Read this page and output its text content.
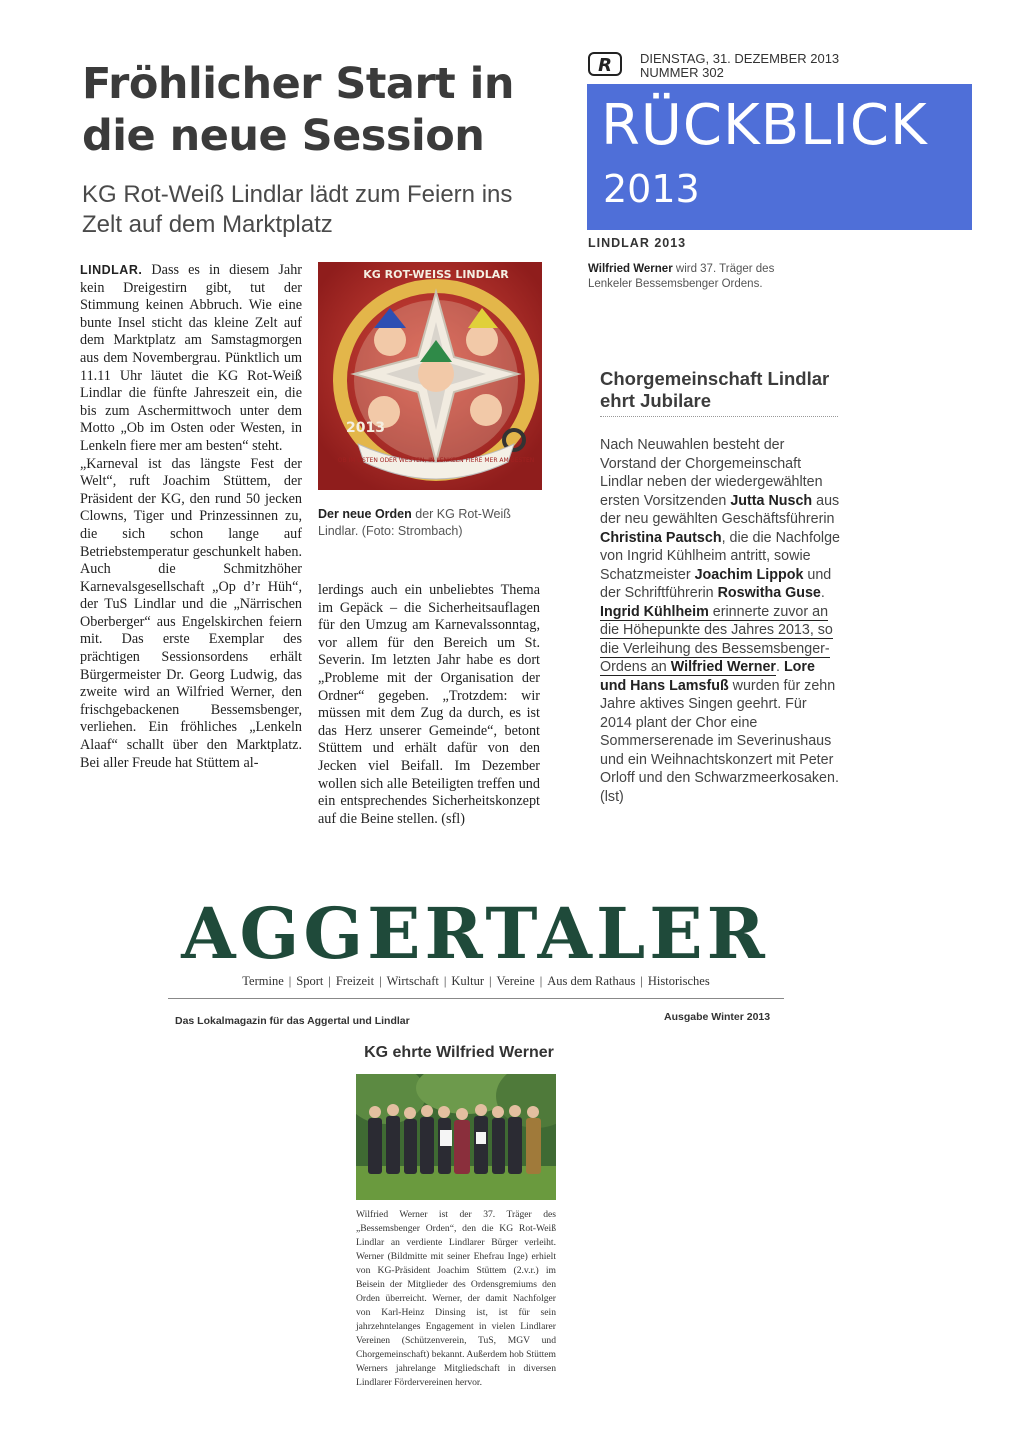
Fröhlicher Start in die neue Session

KG Rot-Weiß Lindlar lädt zum Feiern ins Zelt auf dem Marktplatz

LINDLAR. Dass es in diesem Jahr kein Dreigestirn gibt, tut der Stimmung keinen Abbruch. Wie eine bunte Insel sticht das kleine Zelt auf dem Marktplatz am Samstagmorgen aus dem Novembergrau. Pünktlich um 11.11 Uhr läutet die KG Rot-Weiß Lindlar die fünfte Jahreszeit ein, die bis zum Aschermittwoch unter dem Motto „Ob im Osten oder Westen, in Lenkeln fiere mer am besten“ steht.

„Karneval ist das längste Fest der Welt“, ruft Joachim Stüttem, der Präsident der KG, den rund 50 jecken Clowns, Tiger und Prinzessinnen zu, die sich schon lange auf Betriebstemperatur geschunkelt haben. Auch die Schmitzhöher Karnevalsgesellschaft „Op d’r Hüh“, der TuS Lindlar und die „Närrischen Oberberger“ aus Engelskirchen feiern mit. Das erste Exemplar des prächtigen Sessionsordens erhält Bürgermeister Dr. Georg Ludwig, das zweite wird an Wilfried Werner, den frischgebackenen Bessemsbenger, verliehen. Ein fröhliches „Lenkeln Alaaf“ schallt über den Marktplatz. Bei aller Freude hat Stüttem al-

KG ROT-WEISS LINDLAR
OB IM OSTEN ODER WESTEN, IN LENKELN FIERE MER AM BESTEN
2013

Der neue Orden der KG Rot-Weiß Lindlar. (Foto: Strombach)

lerdings auch ein unbeliebtes Thema im Gepäck – die Sicherheitsauflagen für den Umzug am Karnevalssonntag, vor allem für den Bereich um St. Severin. Im letzten Jahr habe es dort „Probleme mit der Organisation der Ordner“ gegeben. „Trotzdem: wir müssen mit dem Zug da durch, es ist das Herz unserer Gemeinde“, betont Stüttem und erhält dafür von den Jecken viel Beifall. Im Dezember wollen sich alle Beteiligten treffen und ein entsprechendes Sicherheitskonzept auf die Beine stellen. (sfl)

R	DIENSTAG, 31. DEZEMBER 2013
NUMMER 302
RÜCKBLICK
2013
LINDLAR 2013

Wilfried Werner wird 37. Träger des Lenkeler Bessemsbenger Ordens.

Chorgemeinschaft Lindlar ehrt Jubilare

Nach Neuwahlen besteht der Vorstand der Chorgemeinschaft Lindlar neben der wiedergewählten ersten Vorsitzenden Jutta Nusch aus der neu gewählten Geschäftsführerin Christina Pautsch, die die Nachfolge von Ingrid Kühlheim antritt, sowie Schatzmeister Joachim Lippok und der Schriftführerin Roswitha Guse. Ingrid Kühlheim erinnerte zuvor an die Höhepunkte des Jahres 2013, so die Verleihung des Bessemsbenger-Ordens an Wilfried Werner. Lore und Hans Lamsfuß wurden für zehn Jahre aktives Singen geehrt. Für 2014 plant der Chor eine Sommerserenade im Severinushaus und ein Weihnachtskonzert mit Peter Orloff und den Schwarzmeerkosaken. (lst)

AGGERTALER
Termine | Sport | Freizeit | Wirtschaft | Kultur | Vereine | Aus dem Rathaus | Historisches
Das Lokalmagazin für das Aggertal und Lindlar	Ausgabe Winter 2013
KG ehrte Wilfried Werner

Wilfried Werner ist der 37. Träger des „Bessemsbenger Orden“, den die KG Rot-Weiß Lindlar an verdiente Lindlarer Bürger verleiht. Werner (Bildmitte mit seiner Ehefrau Inge) erhielt von KG-Präsident Joachim Stüttem (2.v.r.) im Beisein der Mitglieder des Ordensgremiums den Orden überreicht. Werner, der damit Nachfolger von Karl-Heinz Dinsing ist, ist für sein jahrzehntelanges Engagement in vielen Lindlarer Vereinen (Schützenverein, TuS, MGV und Chorgemeinschaft) bekannt. Außerdem hob Stüttem Werners jahrelange Mitgliedschaft in diversen Lindlarer Fördervereinen hervor.
